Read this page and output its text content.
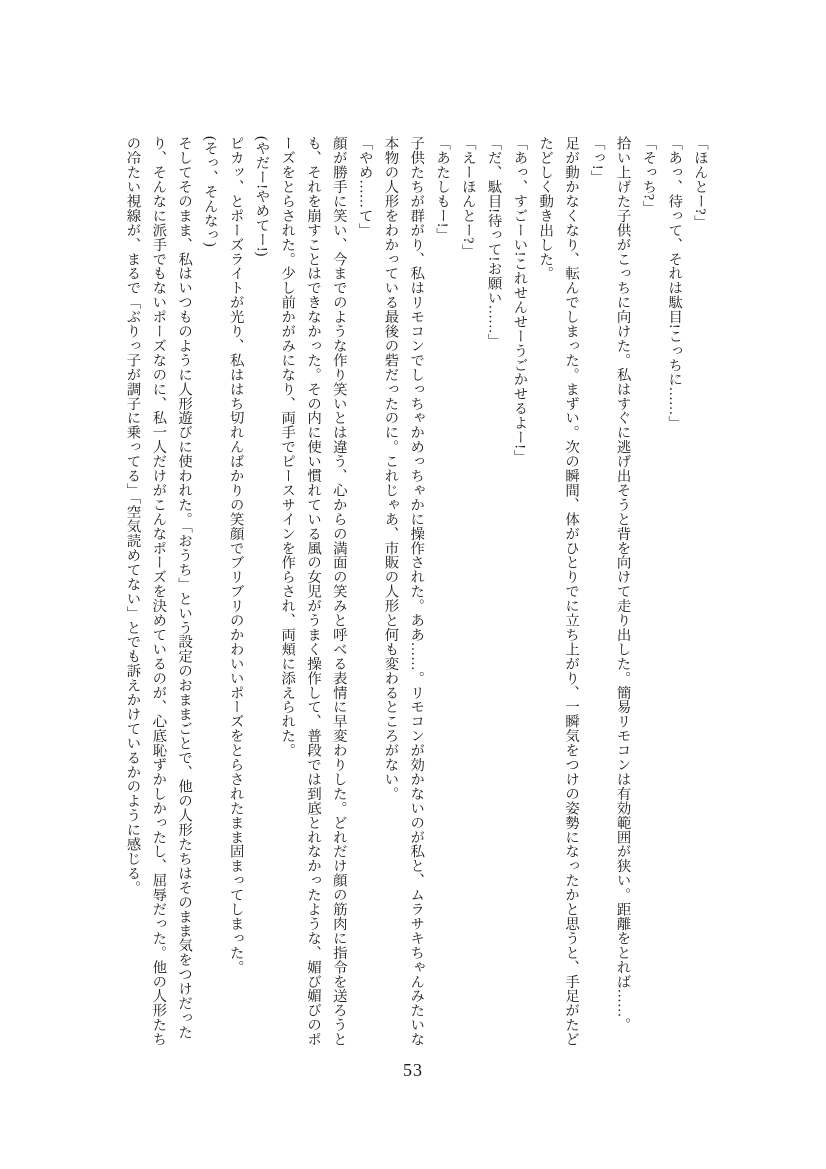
「ほんとー?」
「あっ、待って、それは駄目!こっちに……」
「そっち?」
拾い上げた子供がこっちに向けた。私はすぐに逃げ出そうと背を向けて走り出した。簡易リモコンは有効範囲が狭い。距離をとれば……。
「っ!」
足が動かなくなり、転んでしまった。まずい。次の瞬間、体がひとりでに立ち上がり、一瞬気をつけの姿勢になったかと思うと、手足がたど
たどしく動き出した。
「あっ、すごーい!これせんせーうごかせるよー!」
「だ、駄目!待って!お願い……」
「えーほんとー?」
「あたしもー!」
子供たちが群がり、私はリモコンでしっちゃかめっちゃかに操作された。ああ……。リモコンが効かないのが私と、ムラサキちゃんみたいな
本物の人形をわかっている最後の砦だったのに。これじゃあ、市販の人形と何も変わるところがない。
「やめ……て」
顔が勝手に笑い、今までのような作り笑いとは違う、心からの満面の笑みと呼べる表情に早変わりした。どれだけ顔の筋肉に指令を送ろうと
も、それを崩すことはできなかった。その内に使い慣れている風の女児がうまく操作して、普段では到底とれなかったような、媚び媚びのポ
ーズをとらされた。少し前かがみになり、両手でピースサインを作らされ、両頬に添えられた。
(やだー!やめてー!)
ピカッ、とポーズライトが光り、私ははち切れんばかりの笑顔でブリブリのかわいいポーズをとらされたまま固まってしまった。
(そっ、そんなっ)
そしてそのまま、私はいつものように人形遊びに使われた。「おうち」という設定のおままごとで、他の人形たちはそのまま気をつけだった
り、そんなに派手でもないポーズなのに、私一人だけがこんなポーズを決めているのが、心底恥ずかしかったし、屈辱だった。他の人形たち
の冷たい視線が、まるで「ぶりっ子が調子に乗ってる」「空気読めてない」とでも訴えかけているかのように感じる。
53
